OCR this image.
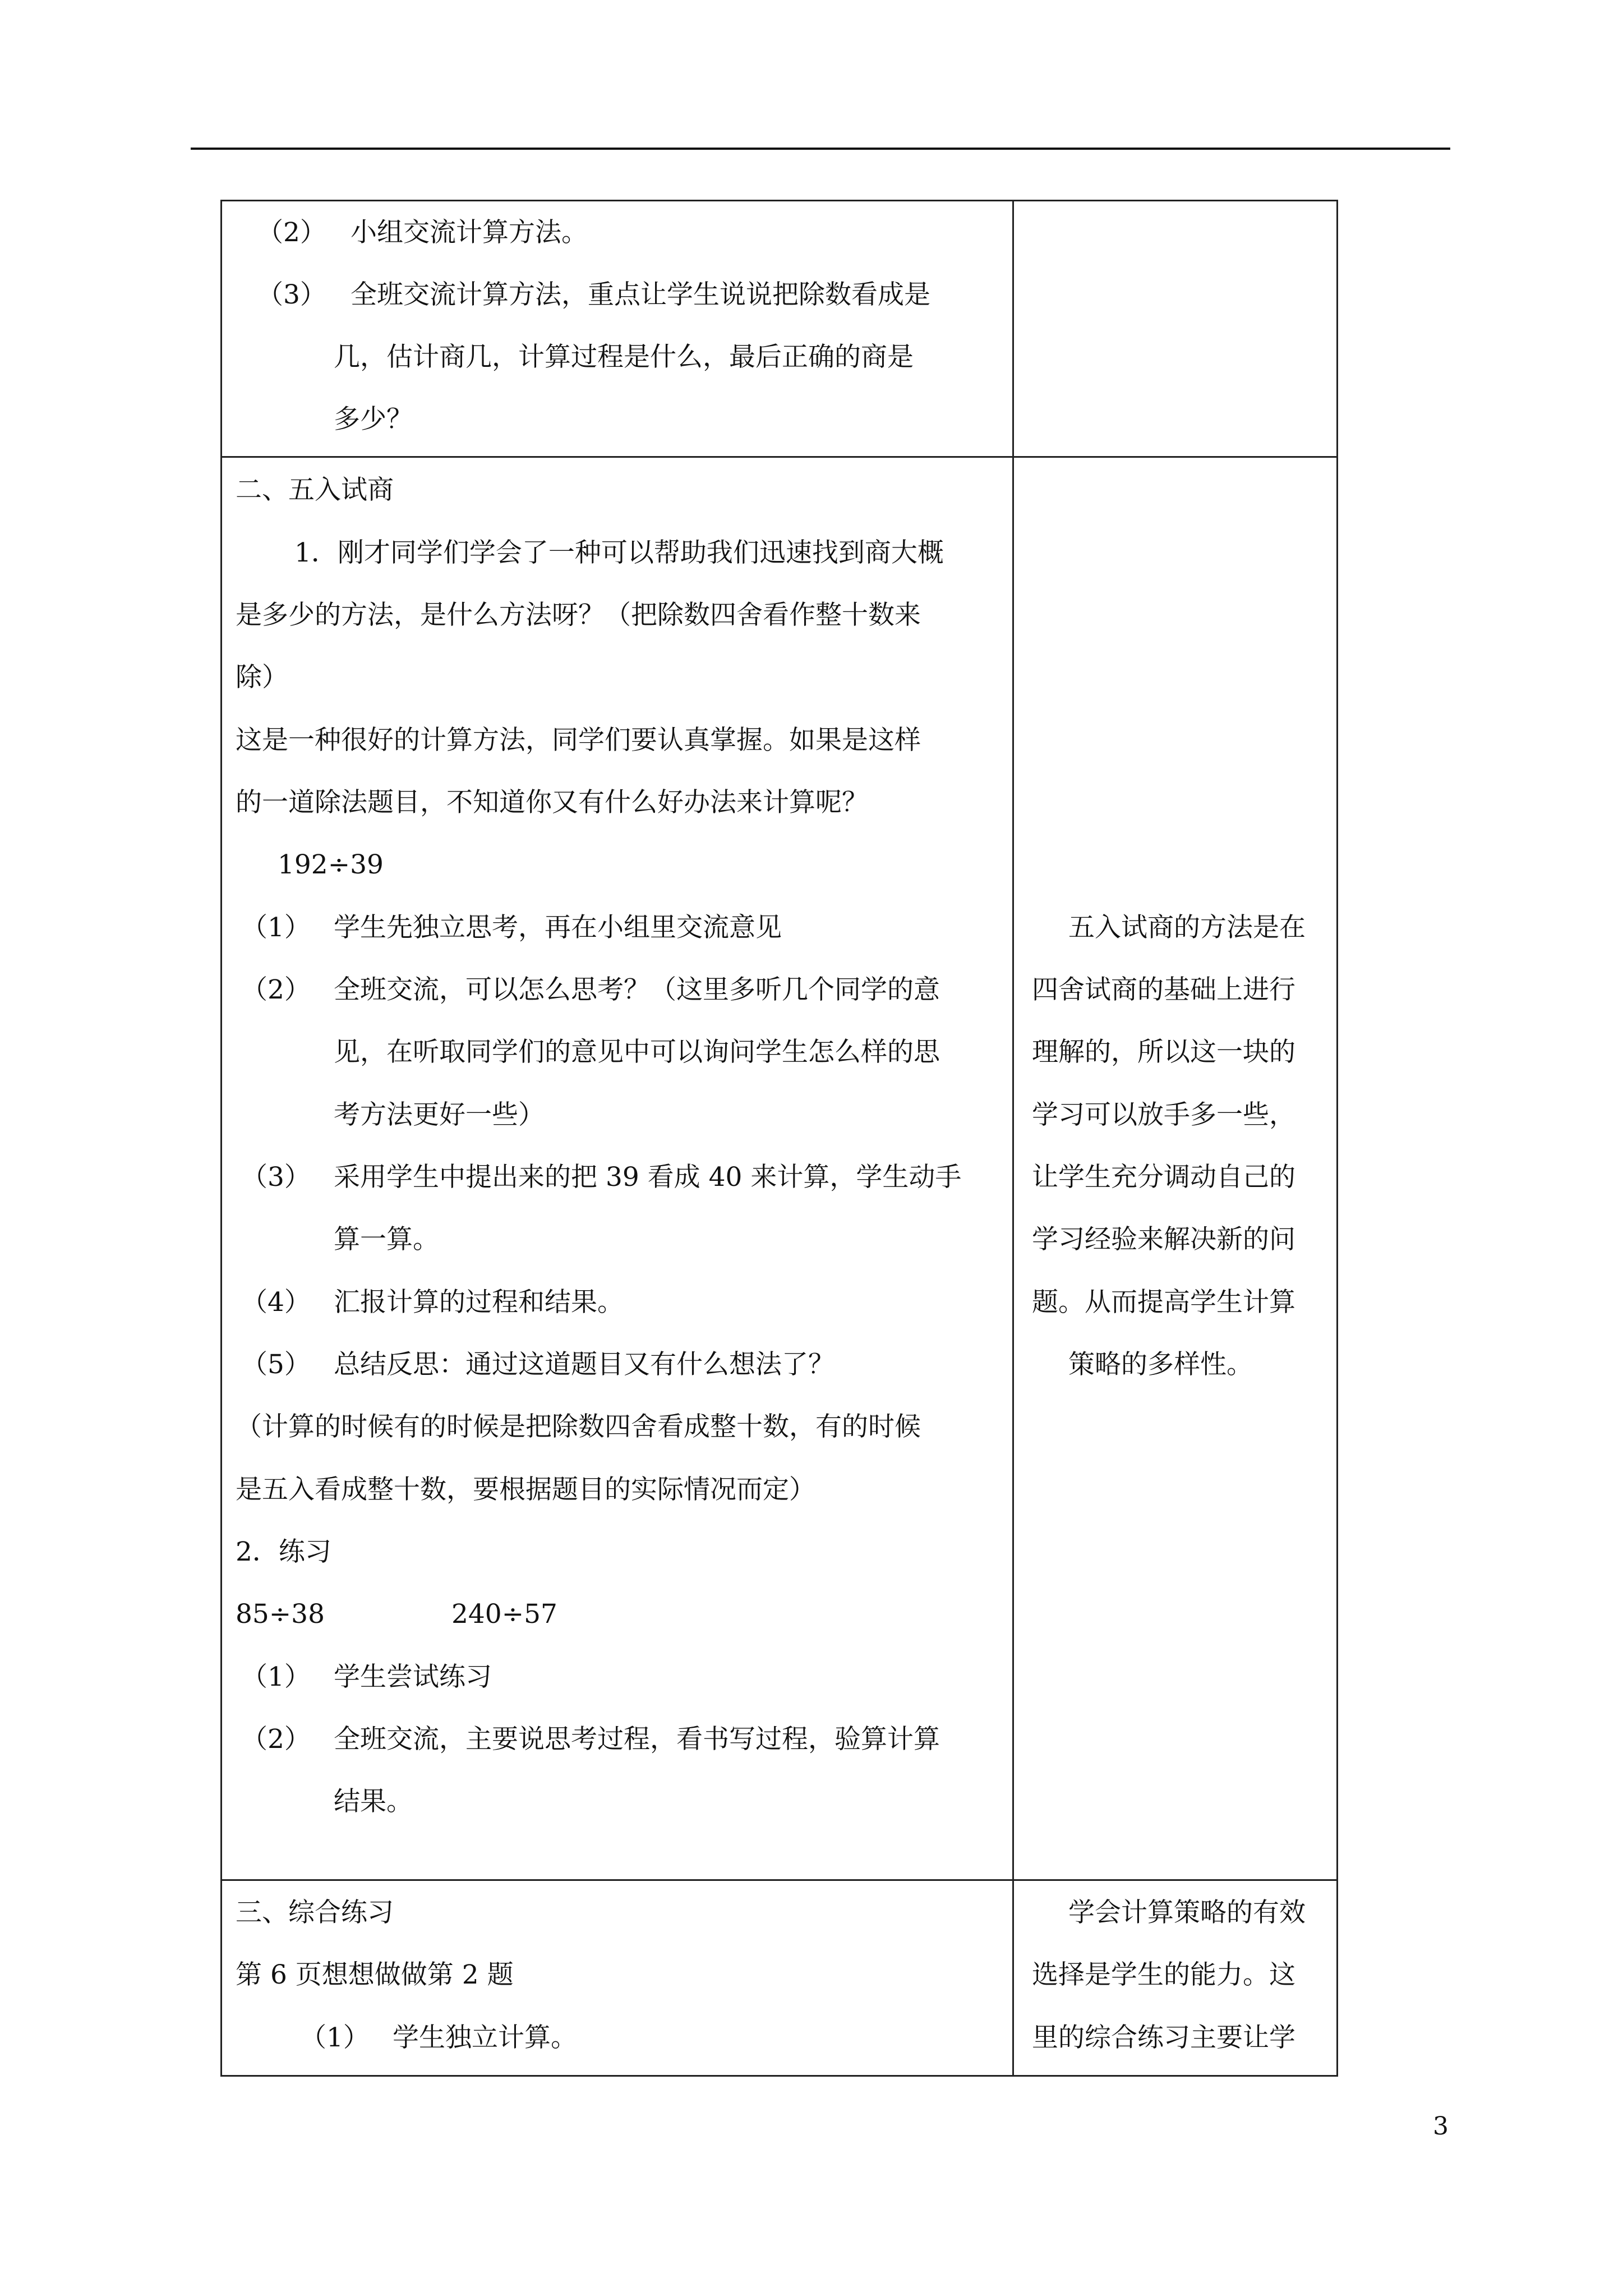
（2） 小组交流计算方法。
（3） 全班交流计算方法，重点让学生说说把除数看成是
几，估计商几，计算过程是什么，最后正确的商是
多少？
二、五入试商
1．刚才同学们学会了一种可以帮助我们迅速找到商大概
是多少的方法，是什么方法呀？（把除数四舍看作整十数来
除）
这是一种很好的计算方法，同学们要认真掌握。如果是这样
的一道除法题目，不知道你又有什么好办法来计算呢？
192÷39
（1） 学生先独立思考，再在小组里交流意见
（2） 全班交流，可以怎么思考？（这里多听几个同学的意
见，在听取同学们的意见中可以询问学生怎么样的思
考方法更好一些）
（3） 采用学生中提出来的把 39 看成 40 来计算，学生动手
算一算。
（4） 汇报计算的过程和结果。
（5） 总结反思：通过这道题目又有什么想法了？
（计算的时候有的时候是把除数四舍看成整十数，有的时候
是五入看成整十数，要根据题目的实际情况而定）
2．练习
85÷38	240÷57
（1） 学生尝试练习
（2） 全班交流，主要说思考过程，看书写过程，验算计算
结果。
五入试商的方法是在
四舍试商的基础上进行
理解的，所以这一块的
学习可以放手多一些，
让学生充分调动自己的
学习经验来解决新的问
题。从而提高学生计算
策略的多样性。
三、综合练习
第 6 页想想做做第 2 题
（1） 学生独立计算。
学会计算策略的有效
选择是学生的能力。这
里的综合练习主要让学
3
